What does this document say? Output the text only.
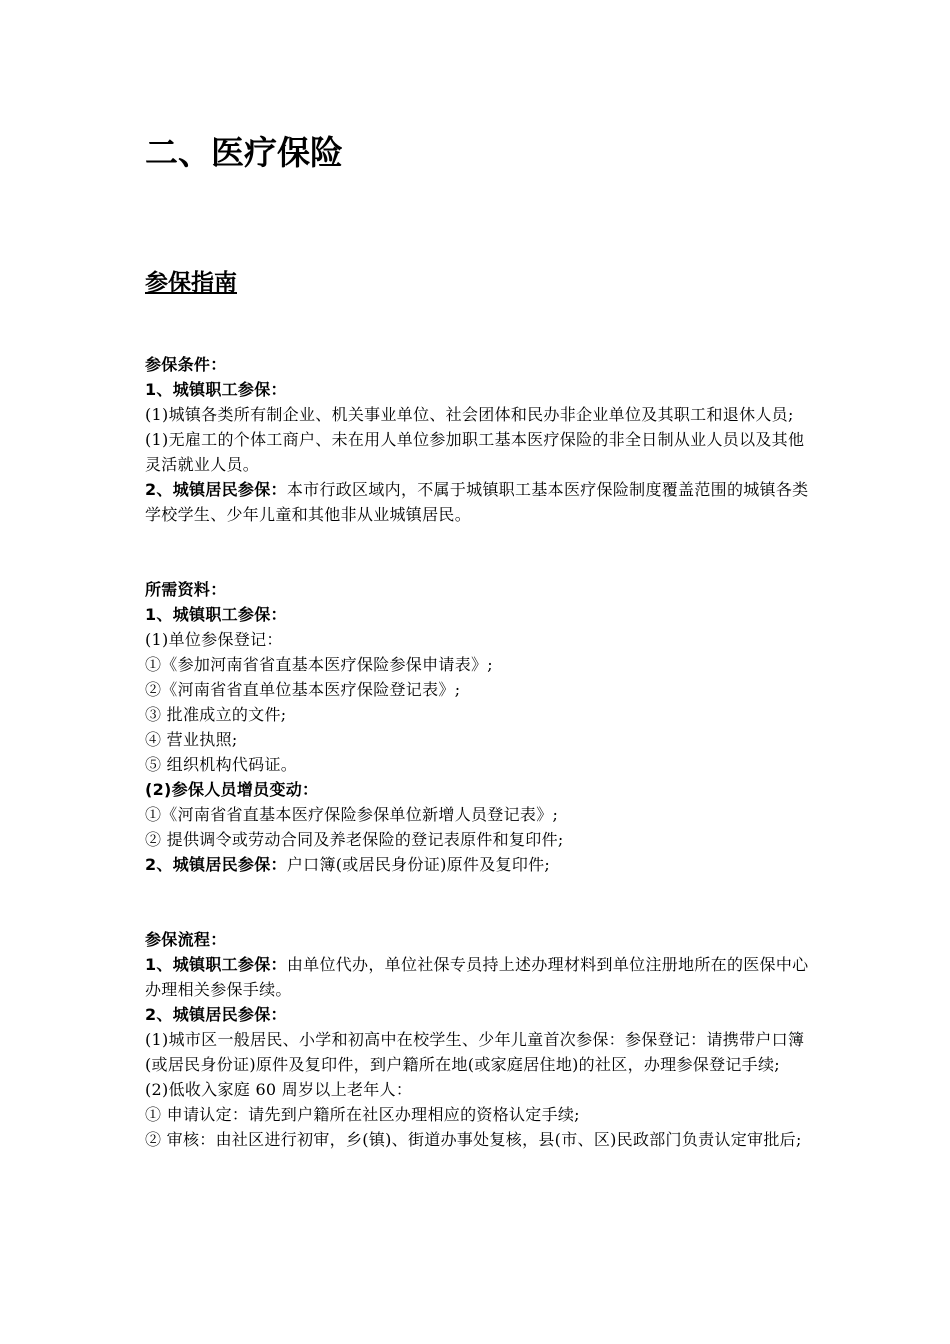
二、医疗保险
参保指南

参保条件：

1、城镇职工参保：

(1)城镇各类所有制企业、机关事业单位、社会团体和民办非企业单位及其职工和退休人员;

(1)无雇工的个体工商户、未在用人单位参加职工基本医疗保险的非全日制从业人员以及其他灵活就业人员。

2、城镇居民参保：本市行政区域内，不属于城镇职工基本医疗保险制度覆盖范围的城镇各类学校学生、少年儿童和其他非从业城镇居民。

所需资料：

1、城镇职工参保：

(1)单位参保登记：

①《参加河南省省直基本医疗保险参保申请表》;

②《河南省省直单位基本医疗保险登记表》;

③ 批准成立的文件;

④ 营业执照;

⑤ 组织机构代码证。

(2)参保人员增员变动：

①《河南省省直基本医疗保险参保单位新增人员登记表》;

② 提供调令或劳动合同及养老保险的登记表原件和复印件;

2、城镇居民参保：户口簿(或居民身份证)原件及复印件;

参保流程：

1、城镇职工参保：由单位代办，单位社保专员持上述办理材料到单位注册地所在的医保中心办理相关参保手续。

2、城镇居民参保：

(1)城市区一般居民、小学和初高中在校学生、少年儿童首次参保：参保登记：请携带户口簿(或居民身份证)原件及复印件，到户籍所在地(或家庭居住地)的社区，办理参保登记手续;

(2)低收入家庭 60 周岁以上老年人：

① 申请认定：请先到户籍所在社区办理相应的资格认定手续;

② 审核：由社区进行初审，乡(镇)、街道办事处复核，县(市、区)民政部门负责认定审批后;
